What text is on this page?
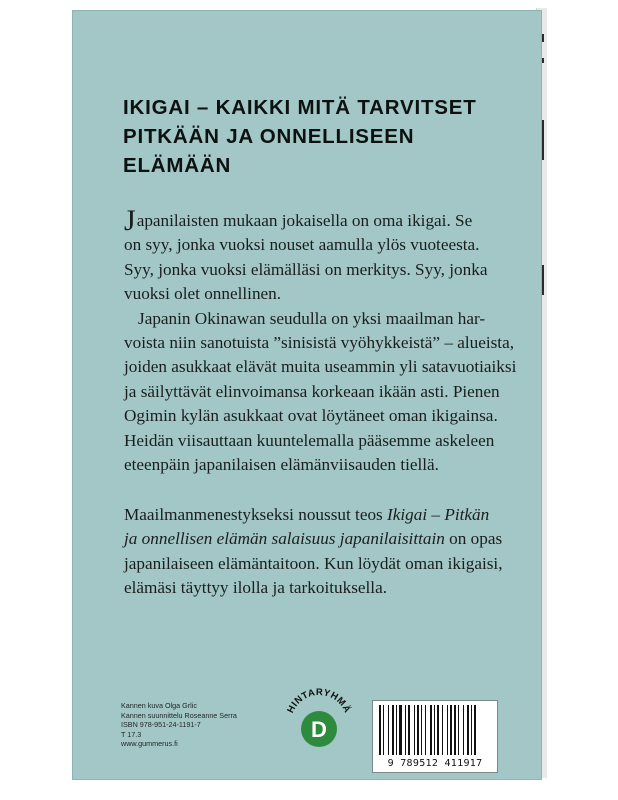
IKIGAI – KAIKKI MITÄ TARVITSET
PITKÄÄN JA ONNELLISEEN
ELÄMÄÄN
Japanilaisten mukaan jokaisella on oma ikigai. Se
on syy, jonka vuoksi nouset aamulla ylös vuoteesta.
Syy, jonka vuoksi elämälläsi on merkitys. Syy, jonka
vuoksi olet onnellinen.
Japanin Okinawan seudulla on yksi maailman har-
voista niin sanotuista ”sinisistä vyöhykkeistä” – alueista,
joiden asukkaat elävät muita useammin yli satavuotiaiksi
ja säilyttävät elinvoimansa korkeaan ikään asti. Pienen
Ogimin kylän asukkaat ovat löytäneet oman ikigainsa.
Heidän viisauttaan kuuntelemalla pääsemme askeleen
eteenpäin japanilaisen elämänviisauden tiellä.
Maailmanmenestykseksi noussut teos Ikigai – Pitkän
ja onnellisen elämän salaisuus japanilaisittain on opas
japanilaiseen elämäntaitoon. Kun löydät oman ikigaisi,
elämäsi täyttyy ilolla ja tarkoituksella.
Kannen kuva Olga Grlic
Kannen suunnittelu Roseanne Serra
ISBN 978-951-24-1191-7
T 17.3
www.gummerus.fi
HINTARYHMÄ
D
9 789512 411917
